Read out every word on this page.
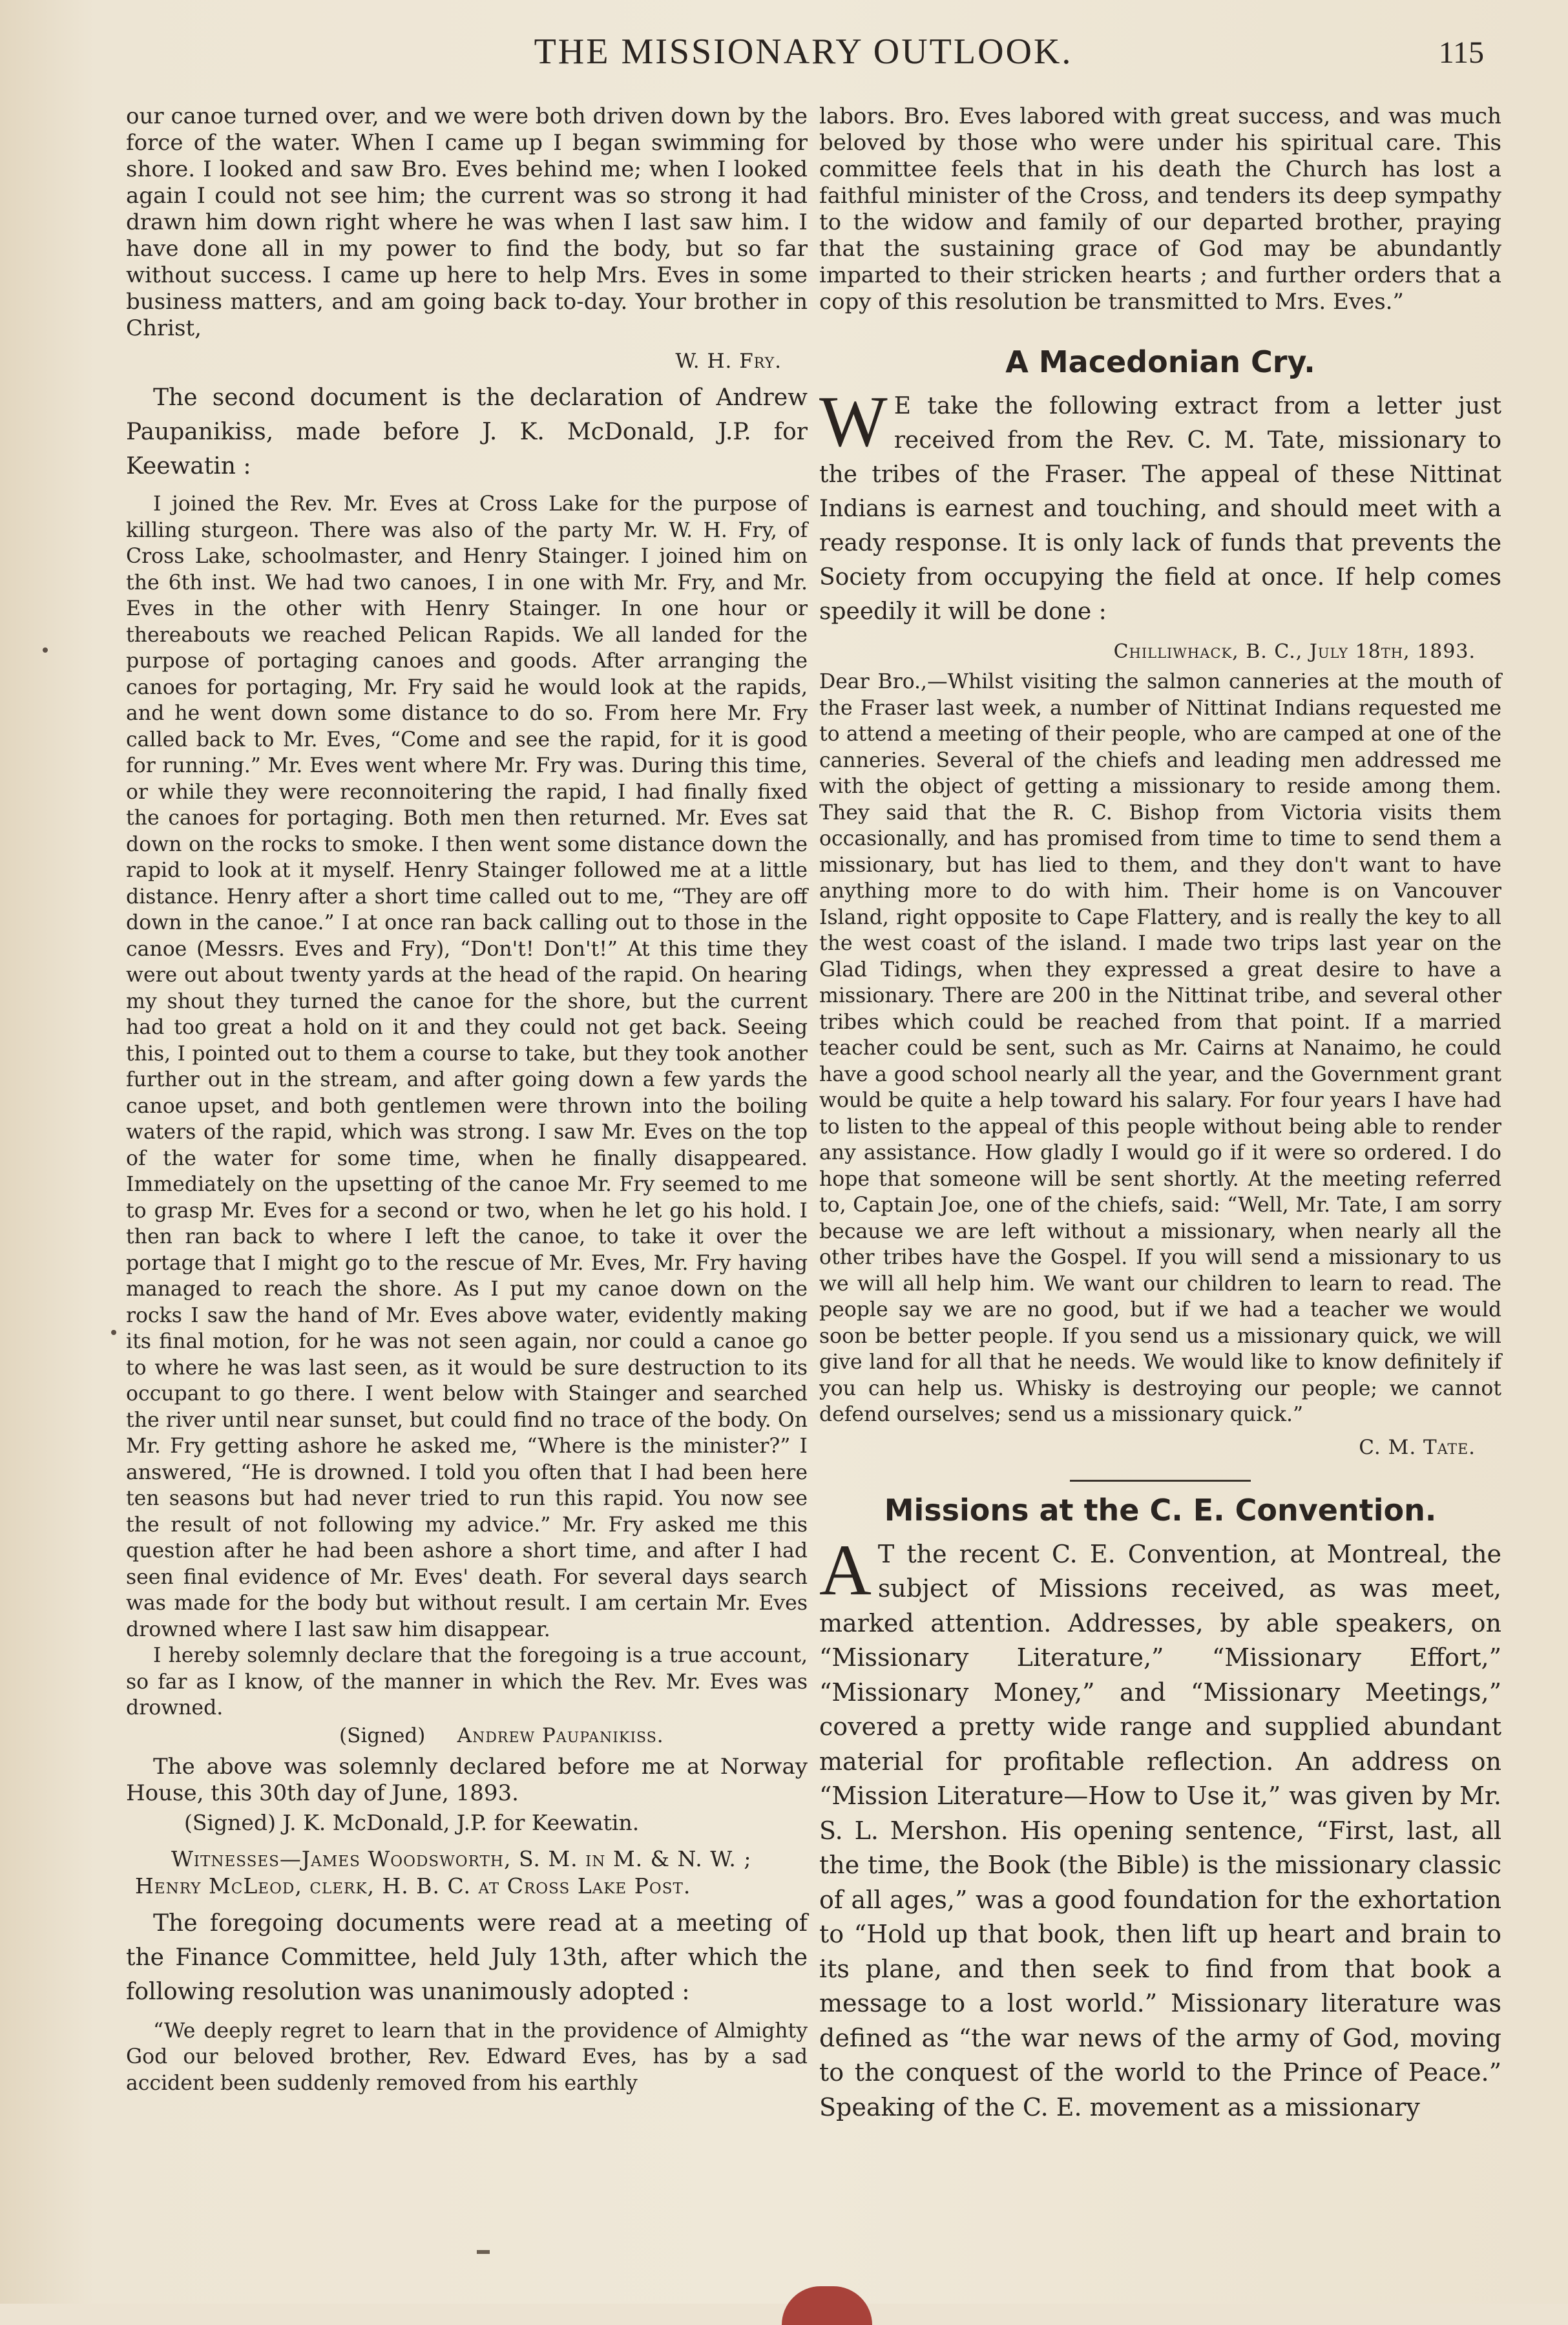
THE MISSIONARY OUTLOOK.	115

our canoe turned over, and we were both driven down by the force of the water. When I came up I began swimming for shore. I looked and saw Bro. Eves behind me; when I looked again I could not see him; the current was so strong it had drawn him down right where he was when I last saw him. I have done all in my power to find the body, but so far without success. I came up here to help Mrs. Eves in some business matters, and am going back to-day. Your brother in Christ,

W. H. Fry.

The second document is the declaration of Andrew Paupanikiss, made before J. K. McDonald, J.P. for Keewatin :

I joined the Rev. Mr. Eves at Cross Lake for the purpose of killing sturgeon. There was also of the party Mr. W. H. Fry, of Cross Lake, schoolmaster, and Henry Stainger. I joined him on the 6th inst. We had two canoes, I in one with Mr. Fry, and Mr. Eves in the other with Henry Stainger. In one hour or thereabouts we reached Pelican Rapids. We all landed for the purpose of portaging canoes and goods. After arranging the canoes for portaging, Mr. Fry said he would look at the rapids, and he went down some distance to do so. From here Mr. Fry called back to Mr. Eves, “Come and see the rapid, for it is good for running.” Mr. Eves went where Mr. Fry was. During this time, or while they were reconnoitering the rapid, I had finally fixed the canoes for portaging. Both men then returned. Mr. Eves sat down on the rocks to smoke. I then went some distance down the rapid to look at it myself. Henry Stainger followed me at a little distance. Henry after a short time called out to me, “They are off down in the canoe.” I at once ran back calling out to those in the canoe (Messrs. Eves and Fry), “Don't! Don't!” At this time they were out about twenty yards at the head of the rapid. On hearing my shout they turned the canoe for the shore, but the current had too great a hold on it and they could not get back. Seeing this, I pointed out to them a course to take, but they took another further out in the stream, and after going down a few yards the canoe upset, and both gentlemen were thrown into the boiling waters of the rapid, which was strong. I saw Mr. Eves on the top of the water for some time, when he finally disappeared. Immediately on the upsetting of the canoe Mr. Fry seemed to me to grasp Mr. Eves for a second or two, when he let go his hold. I then ran back to where I left the canoe, to take it over the portage that I might go to the rescue of Mr. Eves, Mr. Fry having managed to reach the shore. As I put my canoe down on the rocks I saw the hand of Mr. Eves above water, evidently making its final motion, for he was not seen again, nor could a canoe go to where he was last seen, as it would be sure destruction to its occupant to go there. I went below with Stainger and searched the river until near sunset, but could find no trace of the body. On Mr. Fry getting ashore he asked me, “Where is the minister?” I answered, “He is drowned. I told you often that I had been here ten seasons but had never tried to run this rapid. You now see the result of not following my advice.” Mr. Fry asked me this question after he had been ashore a short time, and after I had seen final evidence of Mr. Eves' death. For several days search was made for the body but without result. I am certain Mr. Eves drowned where I last saw him disappear.

I hereby solemnly declare that the foregoing is a true account, so far as I know, of the manner in which the Rev. Mr. Eves was drowned.

(Signed) Andrew Paupanikiss.

The above was solemnly declared before me at Norway House, this 30th day of June, 1893.

(Signed) J. K. McDonald, J.P. for Keewatin.
Witnesses—James Woodsworth, S. M. in M. & N. W. ;
Henry McLeod, clerk, H. B. C. at Cross Lake Post.

The foregoing documents were read at a meeting of the Finance Committee, held July 13th, after which the following resolution was unanimously adopted :

“We deeply regret to learn that in the providence of Almighty God our beloved brother, Rev. Edward Eves, has by a sad accident been suddenly removed from his earthly

labors. Bro. Eves labored with great success, and was much beloved by those who were under his spiritual care. This committee feels that in his death the Church has lost a faithful minister of the Cross, and tenders its deep sympathy to the widow and family of our departed brother, praying that the sustaining grace of God may be abundantly imparted to their stricken hearts ; and further orders that a copy of this resolution be transmitted to Mrs. Eves.”

A Macedonian Cry.

W E take the following extract from a letter just received from the Rev. C. M. Tate, missionary to the tribes of the Fraser. The appeal of these Nittinat Indians is earnest and touching, and should meet with a ready response. It is only lack of funds that prevents the Society from occupying the field at once. If help comes speedily it will be done :

Chilliwhack, B. C., July 18th, 1893.

Dear Bro.,—Whilst visiting the salmon canneries at the mouth of the Fraser last week, a number of Nittinat Indians requested me to attend a meeting of their people, who are camped at one of the canneries. Several of the chiefs and leading men addressed me with the object of getting a missionary to reside among them. They said that the R. C. Bishop from Victoria visits them occasionally, and has promised from time to time to send them a missionary, but has lied to them, and they don't want to have anything more to do with him. Their home is on Vancouver Island, right opposite to Cape Flattery, and is really the key to all the west coast of the island. I made two trips last year on the Glad Tidings, when they expressed a great desire to have a missionary. There are 200 in the Nittinat tribe, and several other tribes which could be reached from that point. If a married teacher could be sent, such as Mr. Cairns at Nanaimo, he could have a good school nearly all the year, and the Government grant would be quite a help toward his salary. For four years I have had to listen to the appeal of this people without being able to render any assistance. How gladly I would go if it were so ordered. I do hope that someone will be sent shortly. At the meeting referred to, Captain Joe, one of the chiefs, said: “Well, Mr. Tate, I am sorry because we are left without a missionary, when nearly all the other tribes have the Gospel. If you will send a missionary to us we will all help him. We want our children to learn to read. The people say we are no good, but if we had a teacher we would soon be better people. If you send us a missionary quick, we will give land for all that he needs. We would like to know definitely if you can help us. Whisky is destroying our people; we cannot defend ourselves; send us a missionary quick.”

C. M. Tate.
Missions at the C. E. Convention.

A T the recent C. E. Convention, at Montreal, the subject of Missions received, as was meet, marked attention. Addresses, by able speakers, on “Missionary Literature,” “Missionary Effort,” “Missionary Money,” and “Missionary Meetings,” covered a pretty wide range and supplied abundant material for profitable reflection. An address on “Mission Literature—How to Use it,” was given by Mr. S. L. Mershon. His opening sentence, “First, last, all the time, the Book (the Bible) is the missionary classic of all ages,” was a good foundation for the exhortation to “Hold up that book, then lift up heart and brain to its plane, and then seek to find from that book a message to a lost world.” Missionary literature was defined as “the war news of the army of God, moving to the conquest of the world to the Prince of Peace.” Speaking of the C. E. movement as a missionary
